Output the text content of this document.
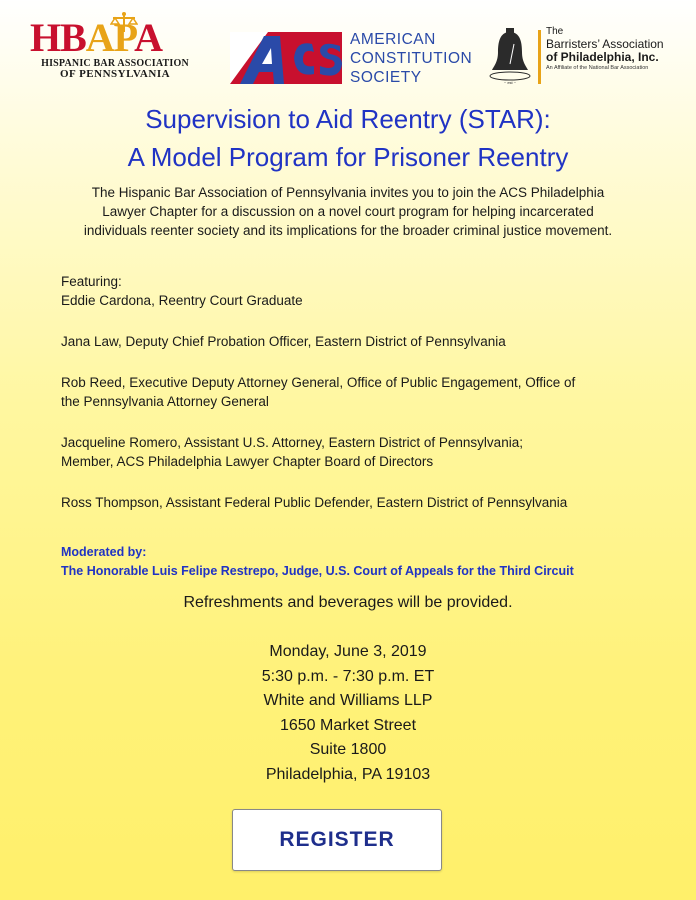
HBAPA
HISPANIC BAR ASSOCIATION
OF PENNSYLVANIA
AMERICAN
CONSTITUTION
SOCIETY	~ est ~
The
Barristers’ Association
of Philadelphia, Inc.
An Affiliate of the National Bar Association
Supervision to Aid Reentry (STAR):
A Model Program for Prisoner Reentry
The Hispanic Bar Association of Pennsylvania invites you to join the ACS Philadelphia
Lawyer Chapter for a discussion on a novel court program for helping incarcerated
individuals reenter society and its implications for the broader criminal justice movement.

Featuring:
Eddie Cardona, Reentry Court Graduate

Jana Law, Deputy Chief Probation Officer, Eastern District of Pennsylvania

Rob Reed, Executive Deputy Attorney General, Office of Public Engagement, Office of
the Pennsylvania Attorney General

Jacqueline Romero, Assistant U.S. Attorney, Eastern District of Pennsylvania;
Member, ACS Philadelphia Lawyer Chapter Board of Directors

Ross Thompson, Assistant Federal Public Defender, Eastern District of Pennsylvania

Moderated by:
The Honorable Luis Felipe Restrepo, Judge, U.S. Court of Appeals for the Third Circuit
Refreshments and beverages will be provided.
Monday, June 3, 2019
5:30 p.m. - 7:30 p.m. ET
White and Williams LLP
1650 Market Street
Suite 1800
Philadelphia, PA 19103
REGISTER
